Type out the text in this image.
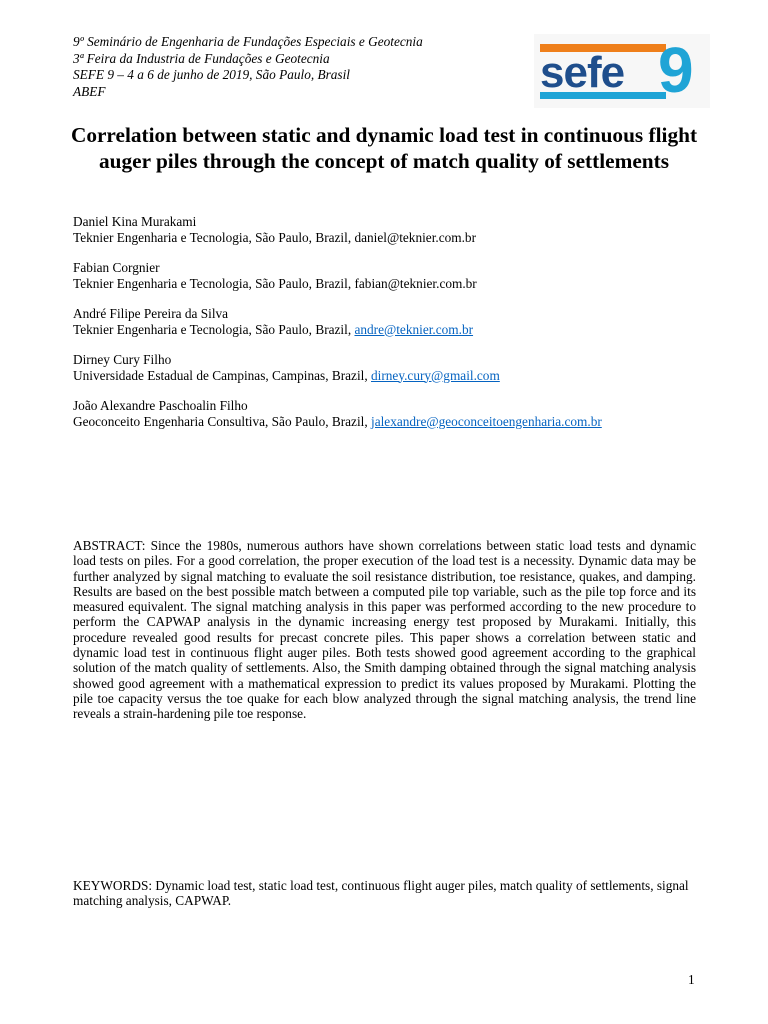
9º Seminário de Engenharia de Fundações Especiais e Geotecnia
3ª Feira da Industria de Fundações e Geotecnia
SEFE 9 – 4 a 6 de junho de 2019, São Paulo, Brasil
ABEF	sefe 9
Correlation between static and dynamic load test in continuous flight auger piles through the concept of match quality of settlements
Daniel Kina Murakami
Teknier Engenharia e Tecnologia, São Paulo, Brazil, daniel@teknier.com.br
Fabian Corgnier
Teknier Engenharia e Tecnologia, São Paulo, Brazil, fabian@teknier.com.br
André Filipe Pereira da Silva
Teknier Engenharia e Tecnologia, São Paulo, Brazil, andre@teknier.com.br
Dirney Cury Filho
Universidade Estadual de Campinas, Campinas, Brazil, dirney.cury@gmail.com
João Alexandre Paschoalin Filho
Geoconceito Engenharia Consultiva, São Paulo, Brazil, jalexandre@geoconceitoengenharia.com.br
ABSTRACT: Since the 1980s, numerous authors have shown correlations between static load tests and dynamic load tests on piles. For a good correlation, the proper execution of the load test is a necessity. Dynamic data may be further analyzed by signal matching to evaluate the soil resistance distribution, toe resistance, quakes, and damping. Results are based on the best possible match between a computed pile top variable, such as the pile top force and its measured equivalent. The signal matching analysis in this paper was performed according to the new procedure to perform the CAPWAP analysis in the dynamic increasing energy test proposed by Murakami. Initially, this procedure revealed good results for precast concrete piles. This paper shows a correlation between static and dynamic load test in continuous flight auger piles. Both tests showed good agreement according to the graphical solution of the match quality of settlements. Also, the Smith damping obtained through the signal matching analysis showed good agreement with a mathematical expression to predict its values proposed by Murakami. Plotting the pile toe capacity versus the toe quake for each blow analyzed through the signal matching analysis, the trend line reveals a strain-hardening pile toe response.
KEYWORDS: Dynamic load test, static load test, continuous flight auger piles, match quality of settlements, signal matching analysis, CAPWAP.
1
